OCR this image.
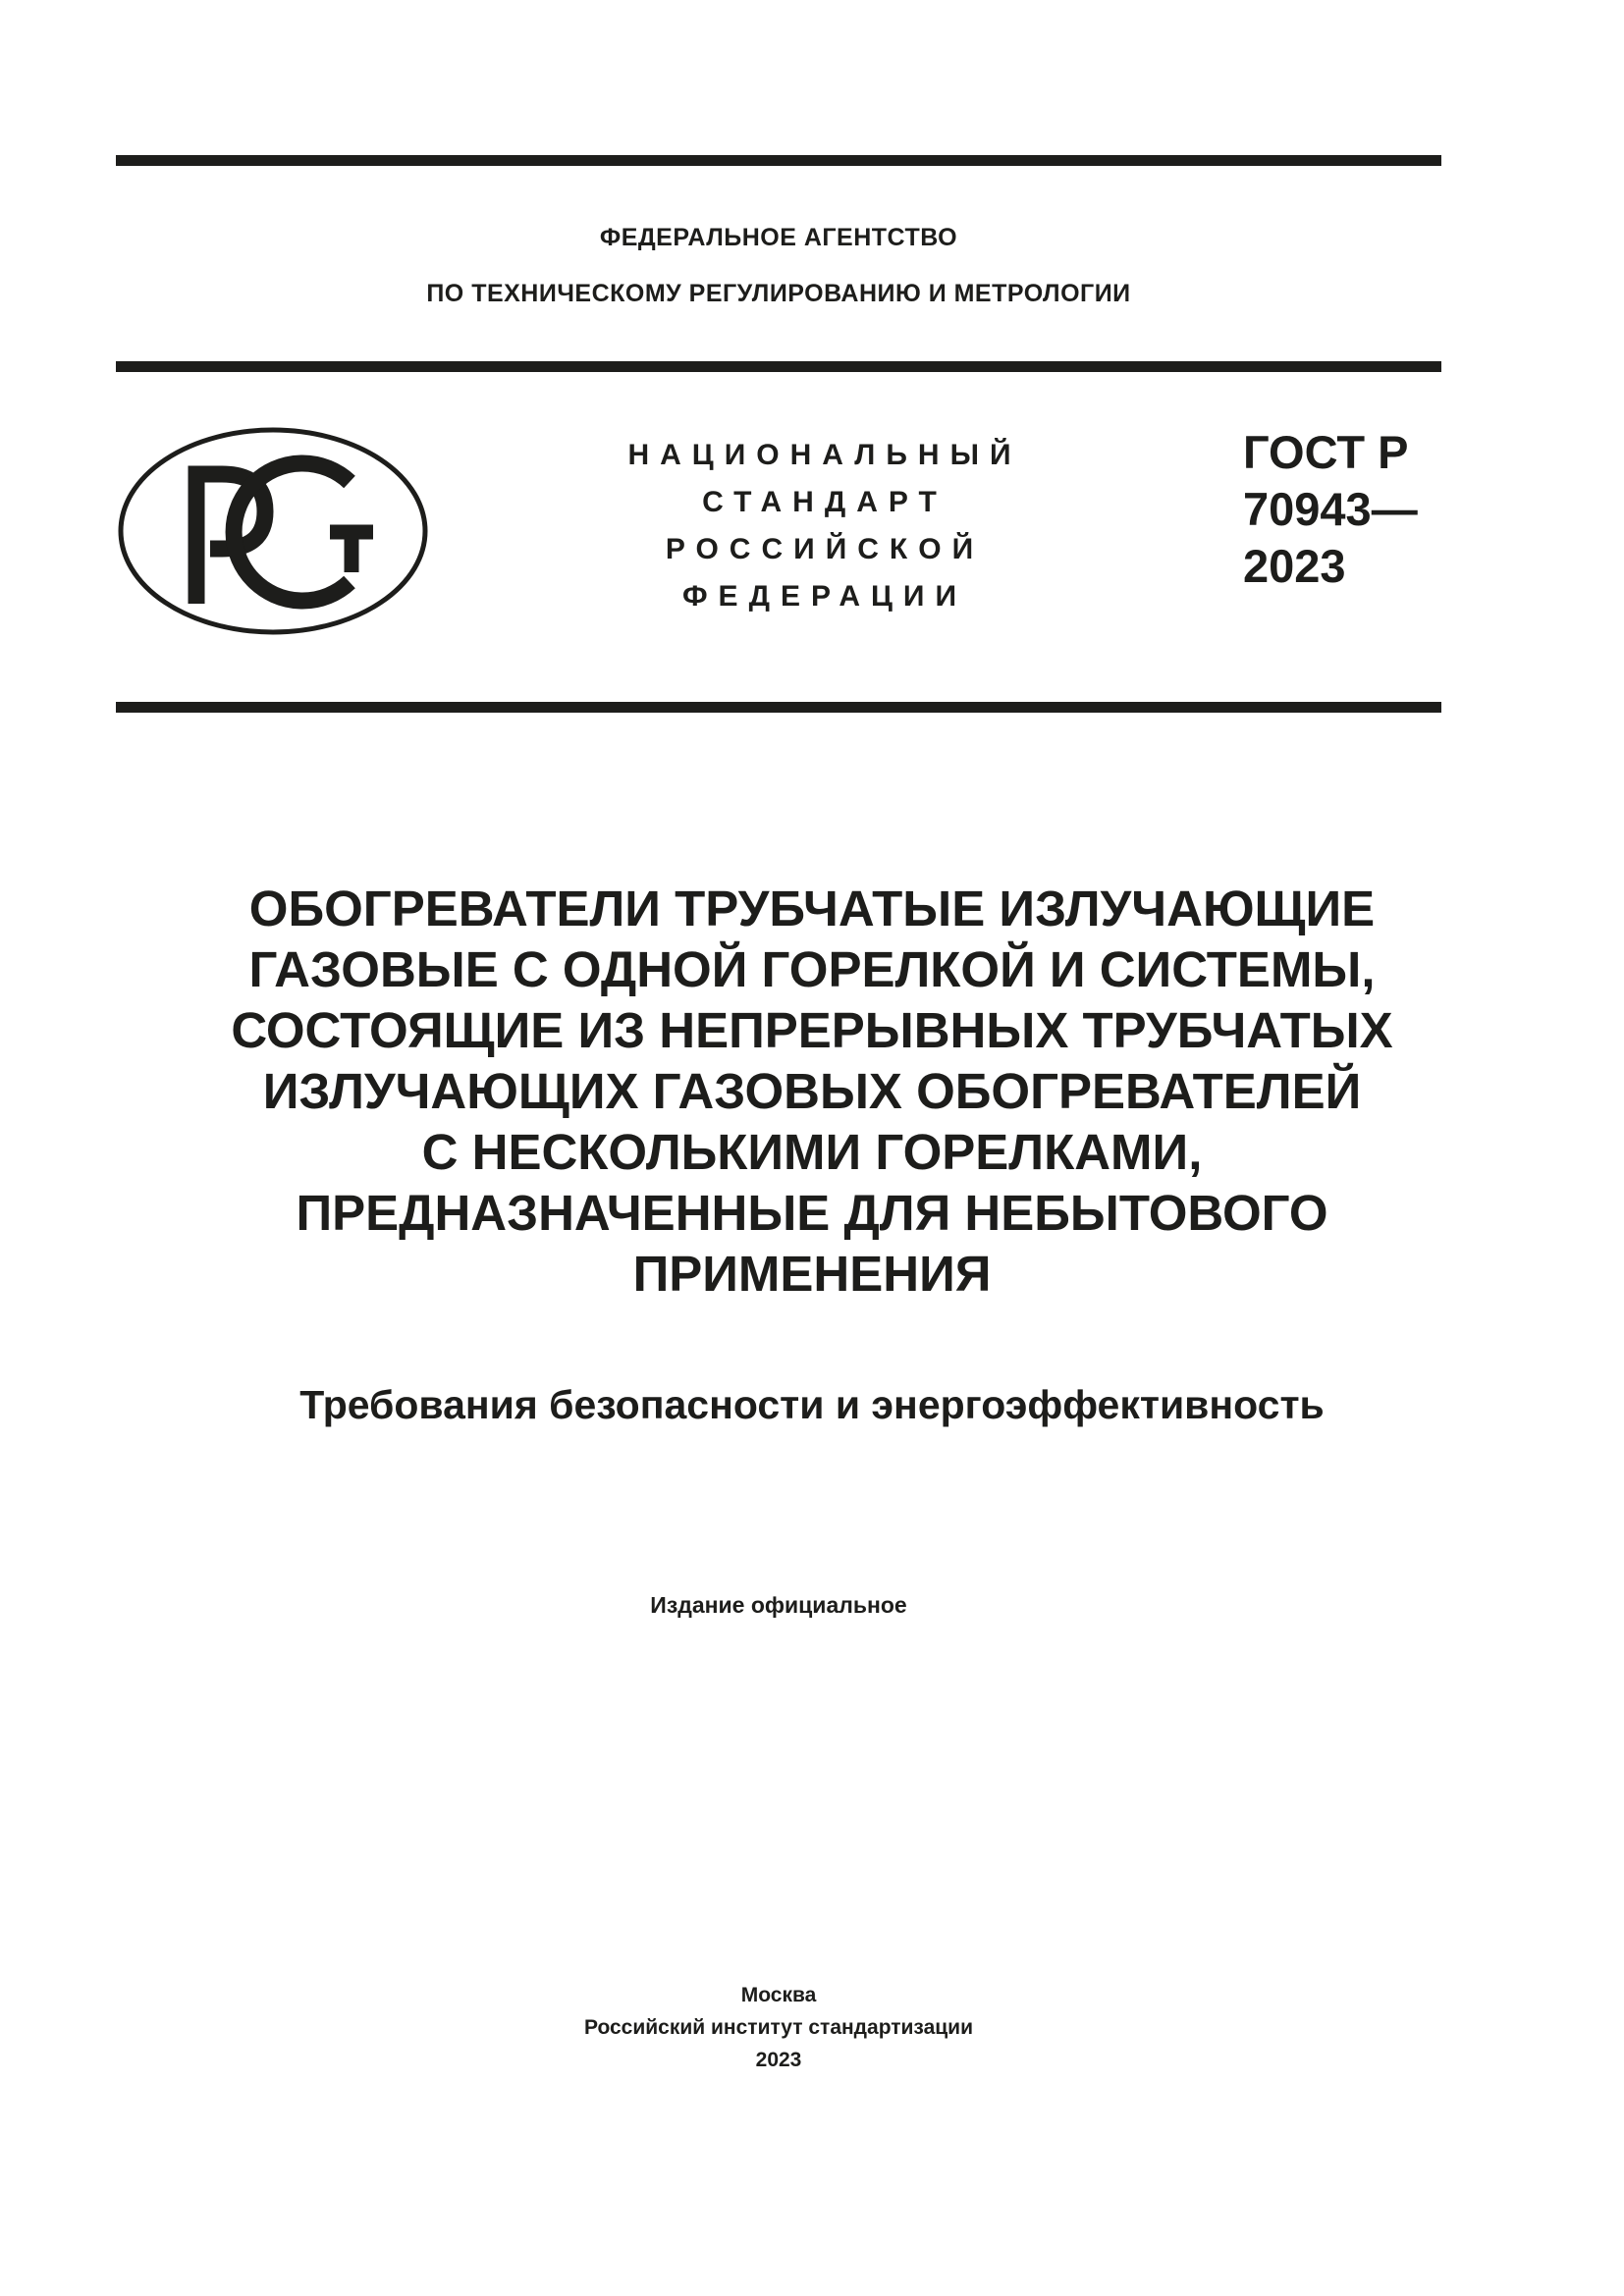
ФЕДЕРАЛЬНОЕ АГЕНТСТВО
ПО ТЕХНИЧЕСКОМУ РЕГУЛИРОВАНИЮ И МЕТРОЛОГИИ
НАЦИОНАЛЬНЫЙ
СТАНДАРТ
РОССИЙСКОЙ
ФЕДЕРАЦИИ
ГОСТ Р
70943—
2023
ОБОГРЕВАТЕЛИ ТРУБЧАТЫЕ ИЗЛУЧАЮЩИЕ
ГАЗОВЫЕ С ОДНОЙ ГОРЕЛКОЙ И СИСТЕМЫ,
СОСТОЯЩИЕ ИЗ НЕПРЕРЫВНЫХ ТРУБЧАТЫХ
ИЗЛУЧАЮЩИХ ГАЗОВЫХ ОБОГРЕВАТЕЛЕЙ
С НЕСКОЛЬКИМИ ГОРЕЛКАМИ,
ПРЕДНАЗНАЧЕННЫЕ ДЛЯ НЕБЫТОВОГО
ПРИМЕНЕНИЯ
Требования безопасности и энергоэффективность
Издание официальное
Москва
Российский институт стандартизации
2023
